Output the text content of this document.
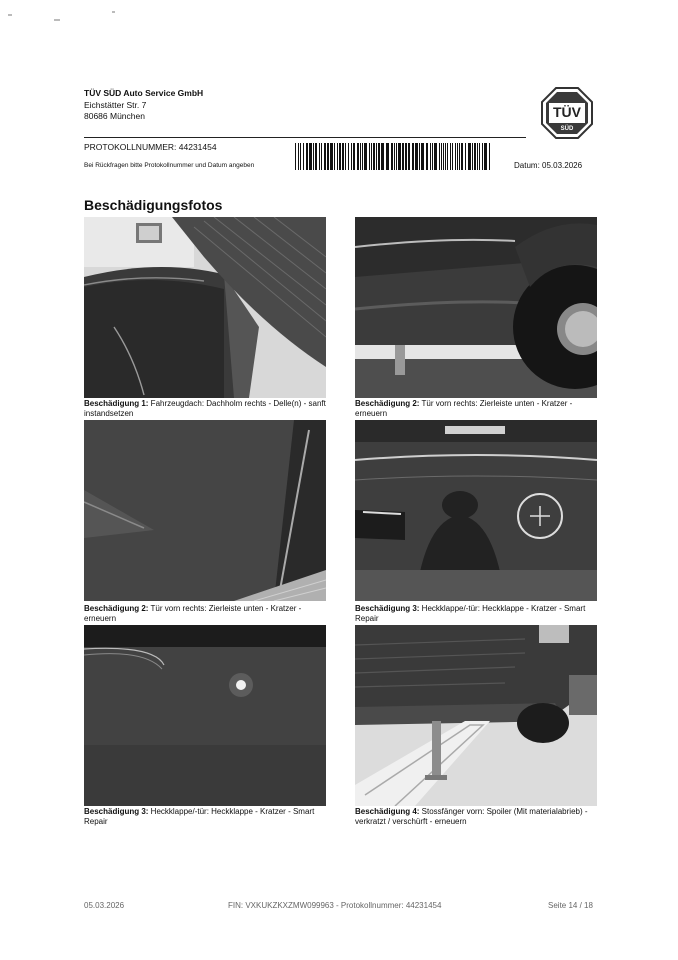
TÜV SÜD Auto Service GmbH
Eichstätter Str. 7
80686 München	TÜV
SÜD
PROTOKOLLNUMMER: 44231454
Bei Rückfragen bitte Protokollnummer und Datum angeben	Datum: 05.03.2026
Beschädigungsfotos
Beschädigung 1: Fahrzeugdach: Dachholm rechts - Delle(n) - sanft instandsetzen
Beschädigung 2: Tür vorn rechts: Zierleiste unten - Kratzer - erneuern
Beschädigung 2: Tür vorn rechts: Zierleiste unten - Kratzer - erneuern
Beschädigung 3: Heckklappe/-tür: Heckklappe - Kratzer - Smart Repair
Beschädigung 3: Heckklappe/-tür: Heckklappe - Kratzer - Smart Repair
Beschädigung 4: Stossfänger vorn: Spoiler (Mit materialabrieb) - verkratzt / verschürft - erneuern
05.03.2026	FIN: VXKUKZKXZMW099963 - Protokollnummer: 44231454	Seite 14 / 18
